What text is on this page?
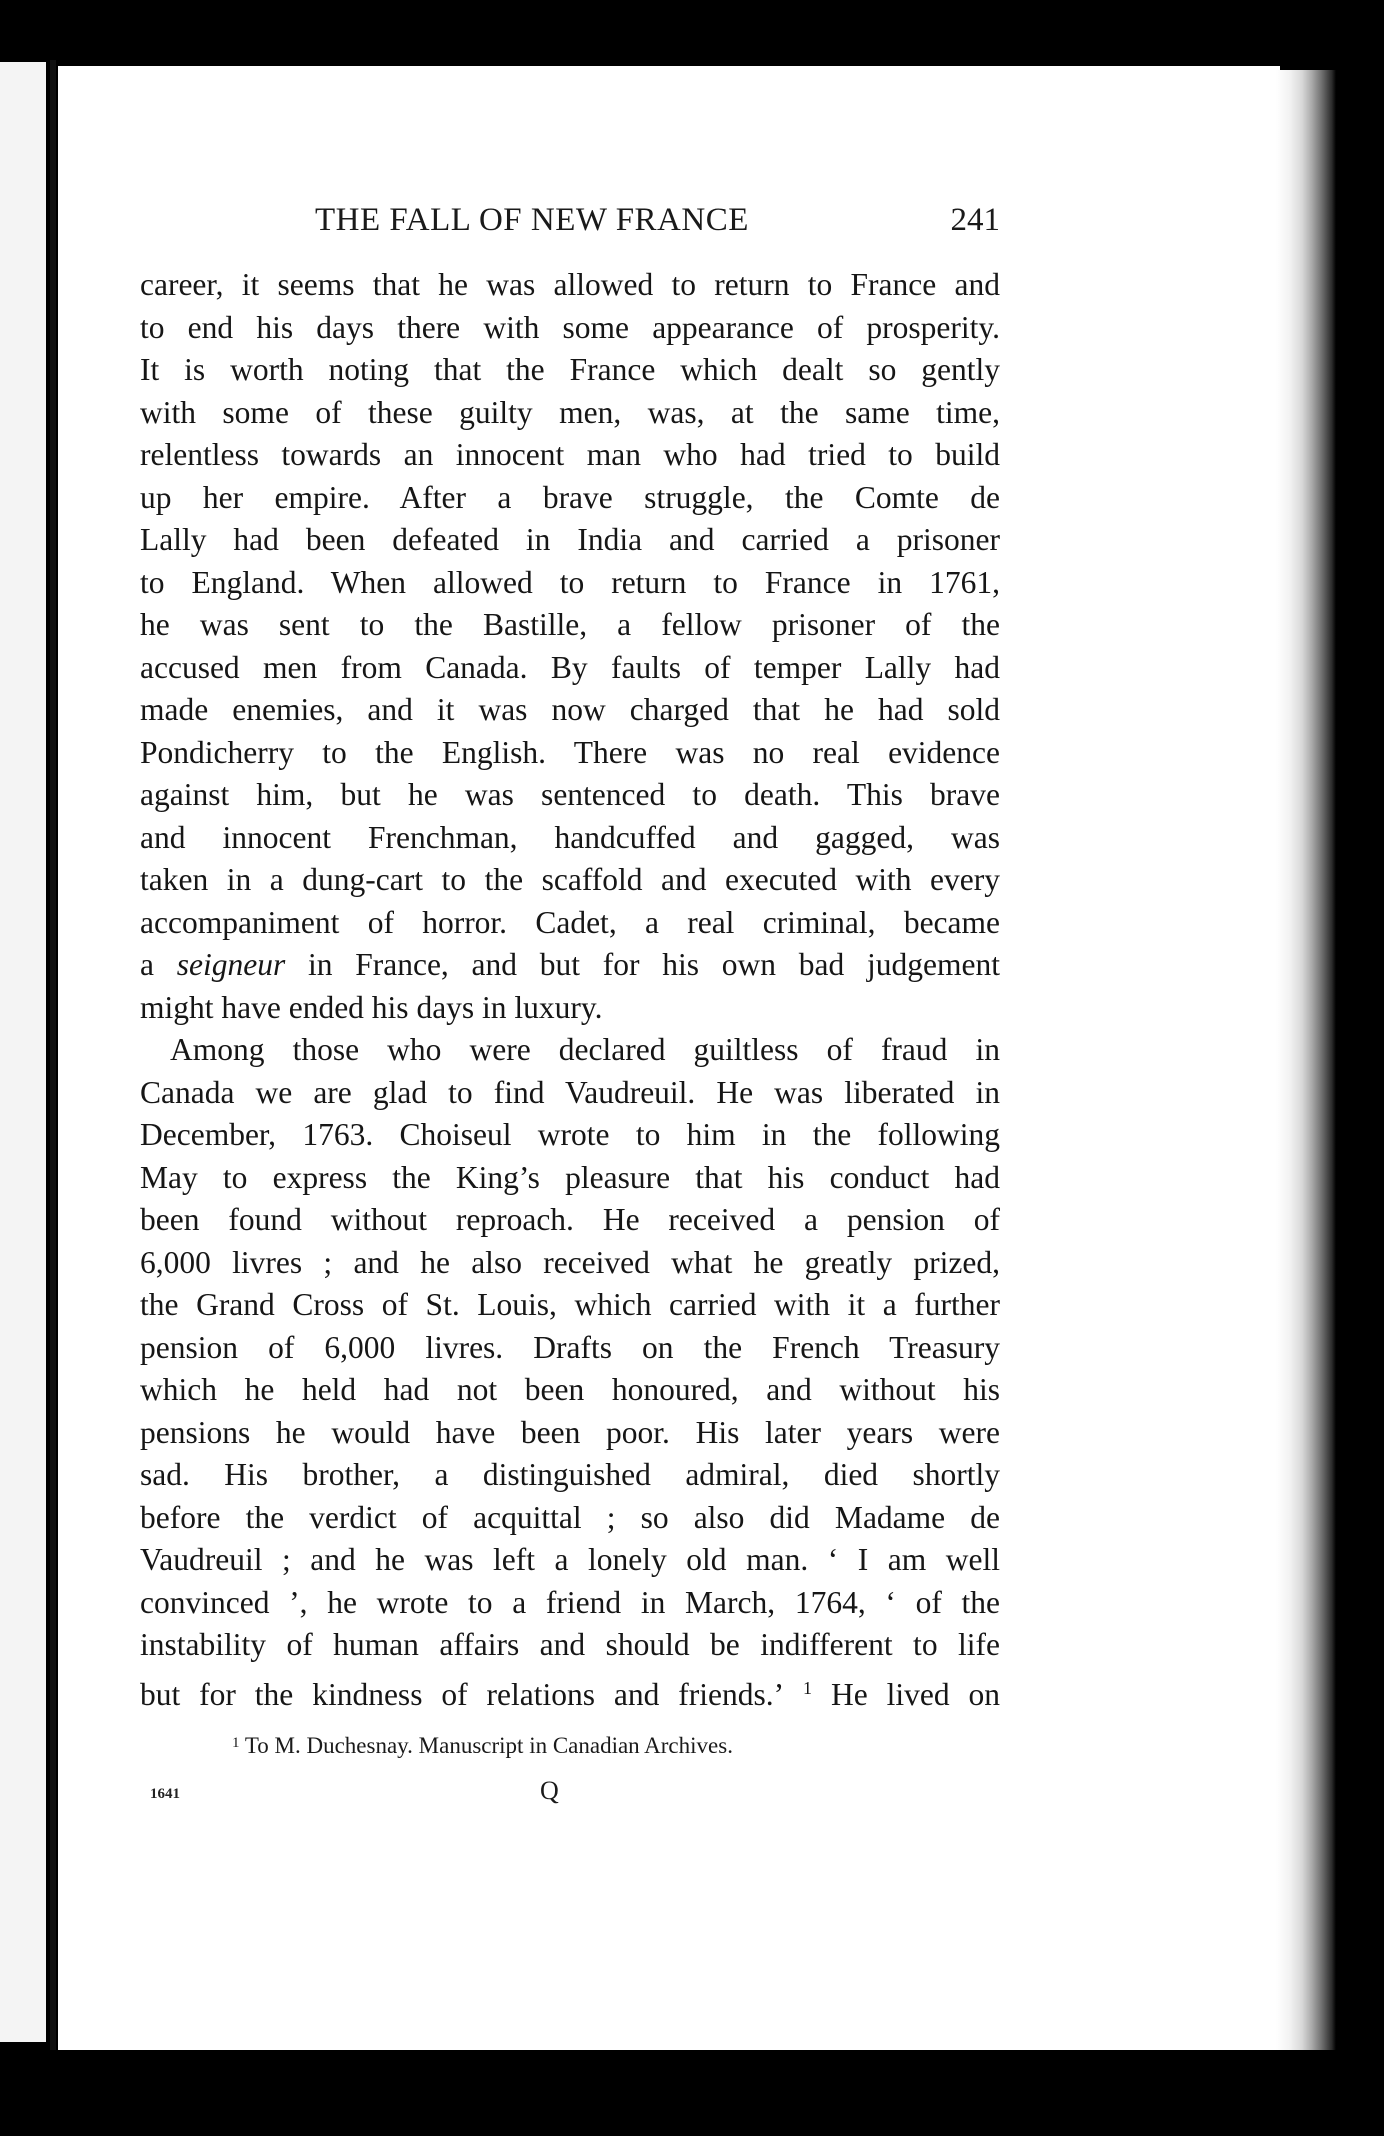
THE FALL OF NEW FRANCE	241
career, it seems that he was allowed to return to France and
to end his days there with some appearance of prosperity.
It is worth noting that the France which dealt so gently
with some of these guilty men, was, at the same time,
relentless towards an innocent man who had tried to build
up her empire. After a brave struggle, the Comte de
Lally had been defeated in India and carried a prisoner
to England. When allowed to return to France in 1761,
he was sent to the Bastille, a fellow prisoner of the
accused men from Canada. By faults of temper Lally had
made enemies, and it was now charged that he had sold
Pondicherry to the English. There was no real evidence
against him, but he was sentenced to death. This brave
and innocent Frenchman, handcuffed and gagged, was
taken in a dung-cart to the scaffold and executed with every
accompaniment of horror. Cadet, a real criminal, became
a seigneur in France, and but for his own bad judgement
might have ended his days in luxury.
Among those who were declared guiltless of fraud in
Canada we are glad to find Vaudreuil. He was liberated in
December, 1763. Choiseul wrote to him in the following
May to express the King’s pleasure that his conduct had
been found without reproach. He received a pension of
6,000 livres ; and he also received what he greatly prized,
the Grand Cross of St. Louis, which carried with it a further
pension of 6,000 livres. Drafts on the French Treasury
which he held had not been honoured, and without his
pensions he would have been poor. His later years were
sad. His brother, a distinguished admiral, died shortly
before the verdict of acquittal ; so also did Madame de
Vaudreuil ; and he was left a lonely old man. ‘ I am well
convinced ’, he wrote to a friend in March, 1764, ‘ of the
instability of human affairs and should be indifferent to life
but for the kindness of relations and friends.’ $^1$ He lived on
$^1$ To M. Duchesnay. Manuscript in Canadian Archives.
1641	Q
